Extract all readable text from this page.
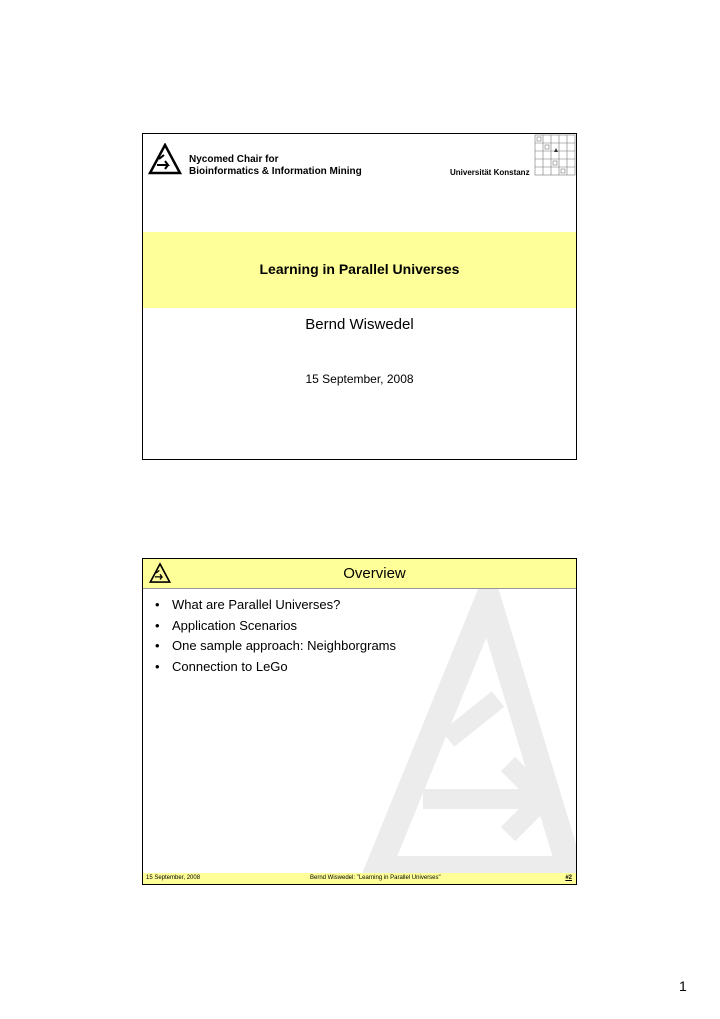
Nycomed Chair for
Bioinformatics & Information Mining	Universität Konstanz
Learning in Parallel Universes
Bernd Wiswedel
15 September, 2008
Overview
• What are Parallel Universes?
• Application Scenarios
• One sample approach: Neighborgrams
• Connection to LeGo
15 September, 2008	Bernd Wiswedel: "Learning in Parallel Universes"	#2
1
